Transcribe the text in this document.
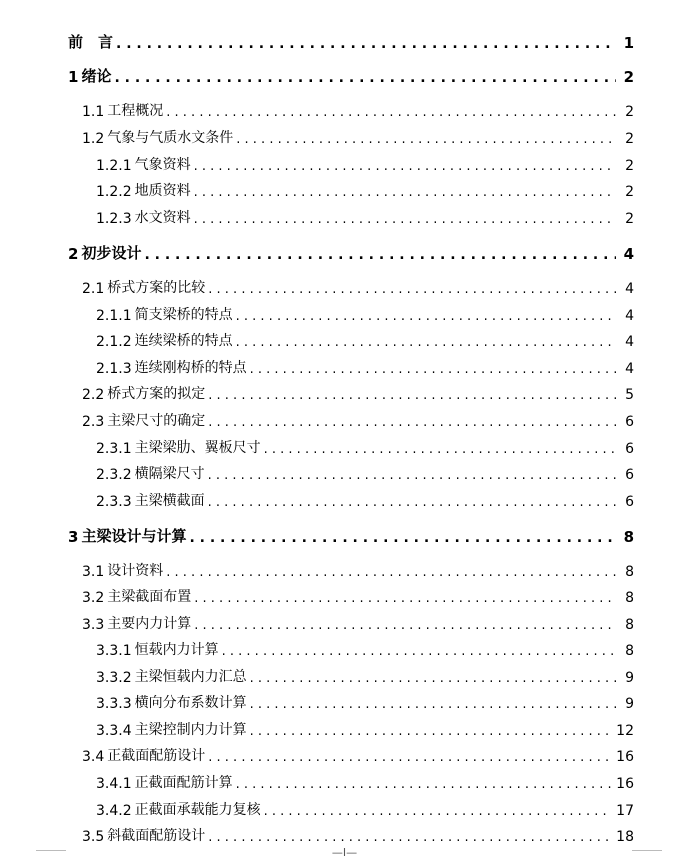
前　言 . . .	1
1 绪论 . . .	2
1.1 工程概况 . . .	2
1.2 气象与气质水文条件 . . .	2
1.2.1 气象资料 . . .	2
1.2.2 地质资料 . . .	2
1.2.3 水文资料 . . .	2
2 初步设计 . . .	4
2.1 桥式方案的比较 . . .	4
2.1.1 简支梁桥的特点 . . .	4
2.1.2 连续梁桥的特点 . . .	4
2.1.3 连续刚构桥的特点 . . .	4
2.2 桥式方案的拟定 . . .	5
2.3 主梁尺寸的确定 . . .	6
2.3.1 主梁梁肋、翼板尺寸 . . .	6
2.3.2 横隔梁尺寸 . . .	6
2.3.3 主梁横截面 . . .	6
3 主梁设计与计算 . . .	8
3.1 设计资料 . . .	8
3.2 主梁截面布置 . . .	8
3.3 主要内力计算 . . .	8
3.3.1 恒载内力计算 . . .	8
3.3.2 主梁恒载内力汇总 . . .	9
3.3.3 横向分布系数计算 . . .	9
3.3.4 主梁控制内力计算 . . .	12
3.4 正截面配筋设计 . . .	16
3.4.1 正截面配筋计算 . . .	16
3.4.2 正截面承载能力复核 . . .	17
3.5 斜截面配筋设计 . . .	18
—I—
